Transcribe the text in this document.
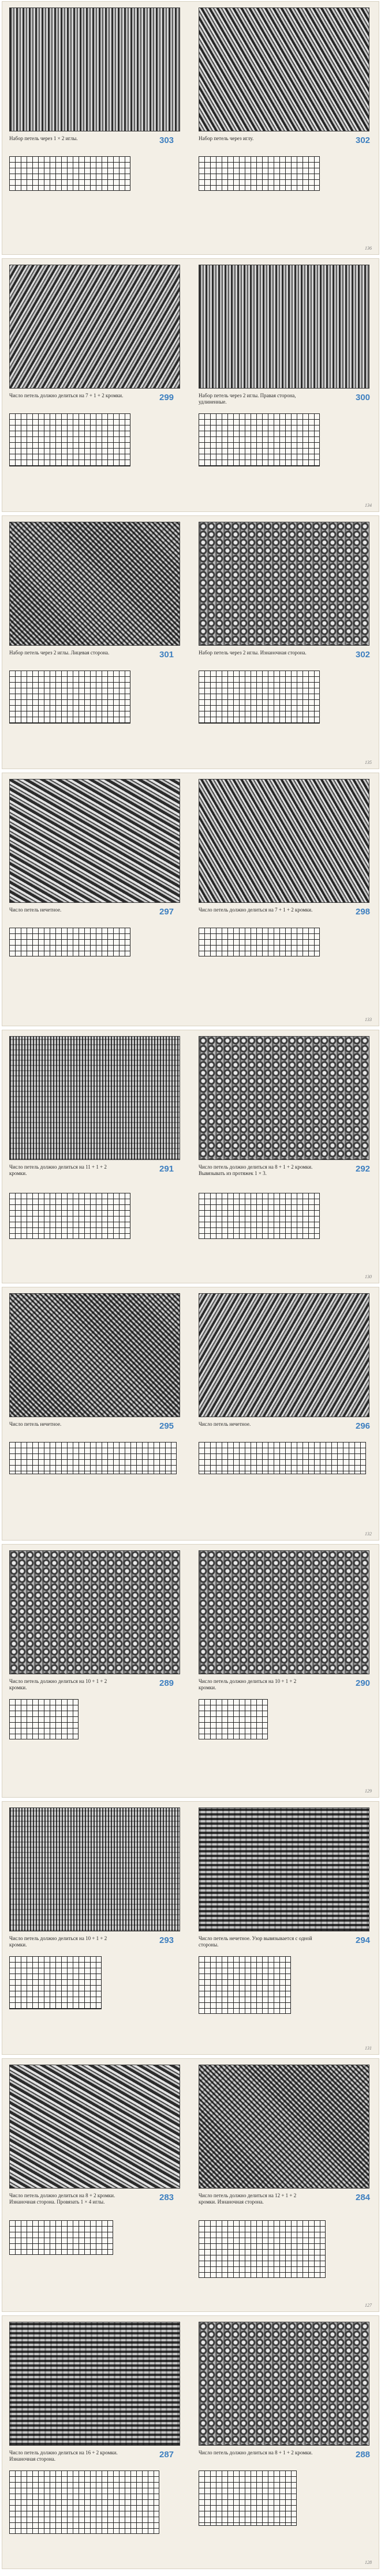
Набор петель через 1 × 2 иглы.	303	Набор петель через иглу.	302
136

Число петель должно делиться на 7 + 1 + 2 кромки.	299	Набор петель через 2 иглы. Правая сторона, удлиненные.	300
134

Набор петель через 2 иглы. Лицевая сторона.	301	Набор петель через 2 иглы. Изнаночная сторона.	302
135

Число петель нечетное.	297	Число петель должно делиться на 7 + 1 + 2 кромки.	298
133

Число петель должно делиться на 11 + 1 + 2 кромки.	291	Число петель должно делиться на 8 + 1 + 2 кромки. Вывязывать из протяжек 1 × 3.	292
130

Число петель нечетное.	295	Число петель нечетное.	296
132

Число петель должно делиться на 10 + 1 + 2 кромки.	289	Число петель должно делиться на 10 + 1 + 2 кромки.	290
129

Число петель должно делиться на 10 + 1 + 2 кромки.	293	Число петель нечетное. Узор вывязывается с одной стороны.	294
131

Число петель должно делиться на 8 + 2 кромки. Изнаночная сторона. Провязать 1 × 4 иглы.	283	Число петель должно делиться на 12 + 1 + 2 кромки. Изнаночная сторона.	284
127

Число петель должно делиться на 16 + 2 кромки. Изнаночная сторона.	287	Число петель должно делиться на 8 + 1 + 2 кромки.	288
128
